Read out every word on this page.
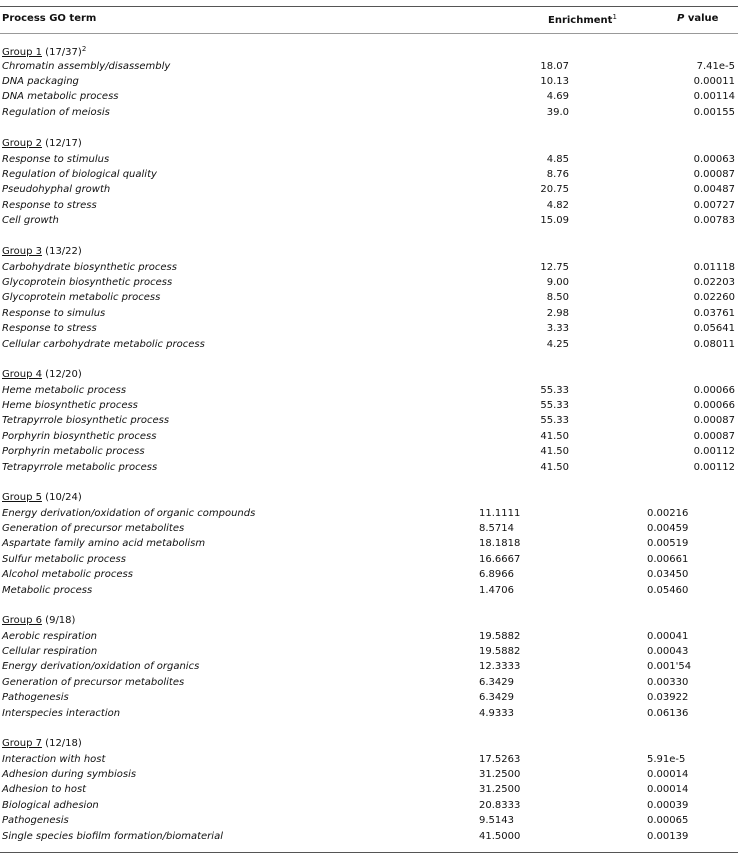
Process GO term	Enrichment$^1$	P value
Group 1 $(17/37)^2$
Chromatin assembly/disassembly	18.07	7.41e-5
DNA packaging	10.13	0.00011
DNA metabolic process	4.69	0.00114
Regulation of meiosis	39.0	0.00155
Group 2 (12/17)
Response to stimulus	4.85	0.00063
Regulation of biological quality	8.76	0.00087
Pseudohyphal growth	20.75	0.00487
Response to stress	4.82	0.00727
Cell growth	15.09	0.00783
Group 3 (13/22)
Carbohydrate biosynthetic process	12.75	0.01118
Glycoprotein biosynthetic process	9.00	0.02203
Glycoprotein metabolic process	8.50	0.02260
Response to simulus	2.98	0.03761
Response to stress	3.33	0.05641
Cellular carbohydrate metabolic process	4.25	0.08011
Group 4 (12/20)
Heme metabolic process	55.33	0.00066
Heme biosynthetic process	55.33	0.00066
Tetrapyrrole biosynthetic process	55.33	0.00087
Porphyrin biosynthetic process	41.50	0.00087
Porphyrin metabolic process	41.50	0.00112
Tetrapyrrole metabolic process	41.50	0.00112
Group 5 (10/24)
Energy derivation/oxidation of organic compounds	11.1111	0.00216
Generation of precursor metabolites	8.5714	0.00459
Aspartate family amino acid metabolism	18.1818	0.00519
Sulfur metabolic process	16.6667	0.00661
Alcohol metabolic process	6.8966	0.03450
Metabolic process	1.4706	0.05460
Group 6 (9/18)
Aerobic respiration	19.5882	0.00041
Cellular respiration	19.5882	0.00043
Energy derivation/oxidation of organics	12.3333	0.001'54
Generation of precursor metabolites	6.3429	0.00330
Pathogenesis	6.3429	0.03922
Interspecies interaction	4.9333	0.06136
Group 7 (12/18)
Interaction with host	17.5263	5.91e-5
Adhesion during symbiosis	31.2500	0.00014
Adhesion to host	31.2500	0.00014
Biological adhesion	20.8333	0.00039
Pathogenesis	9.5143	0.00065
Single species biofilm formation/biomaterial	41.5000	0.00139
